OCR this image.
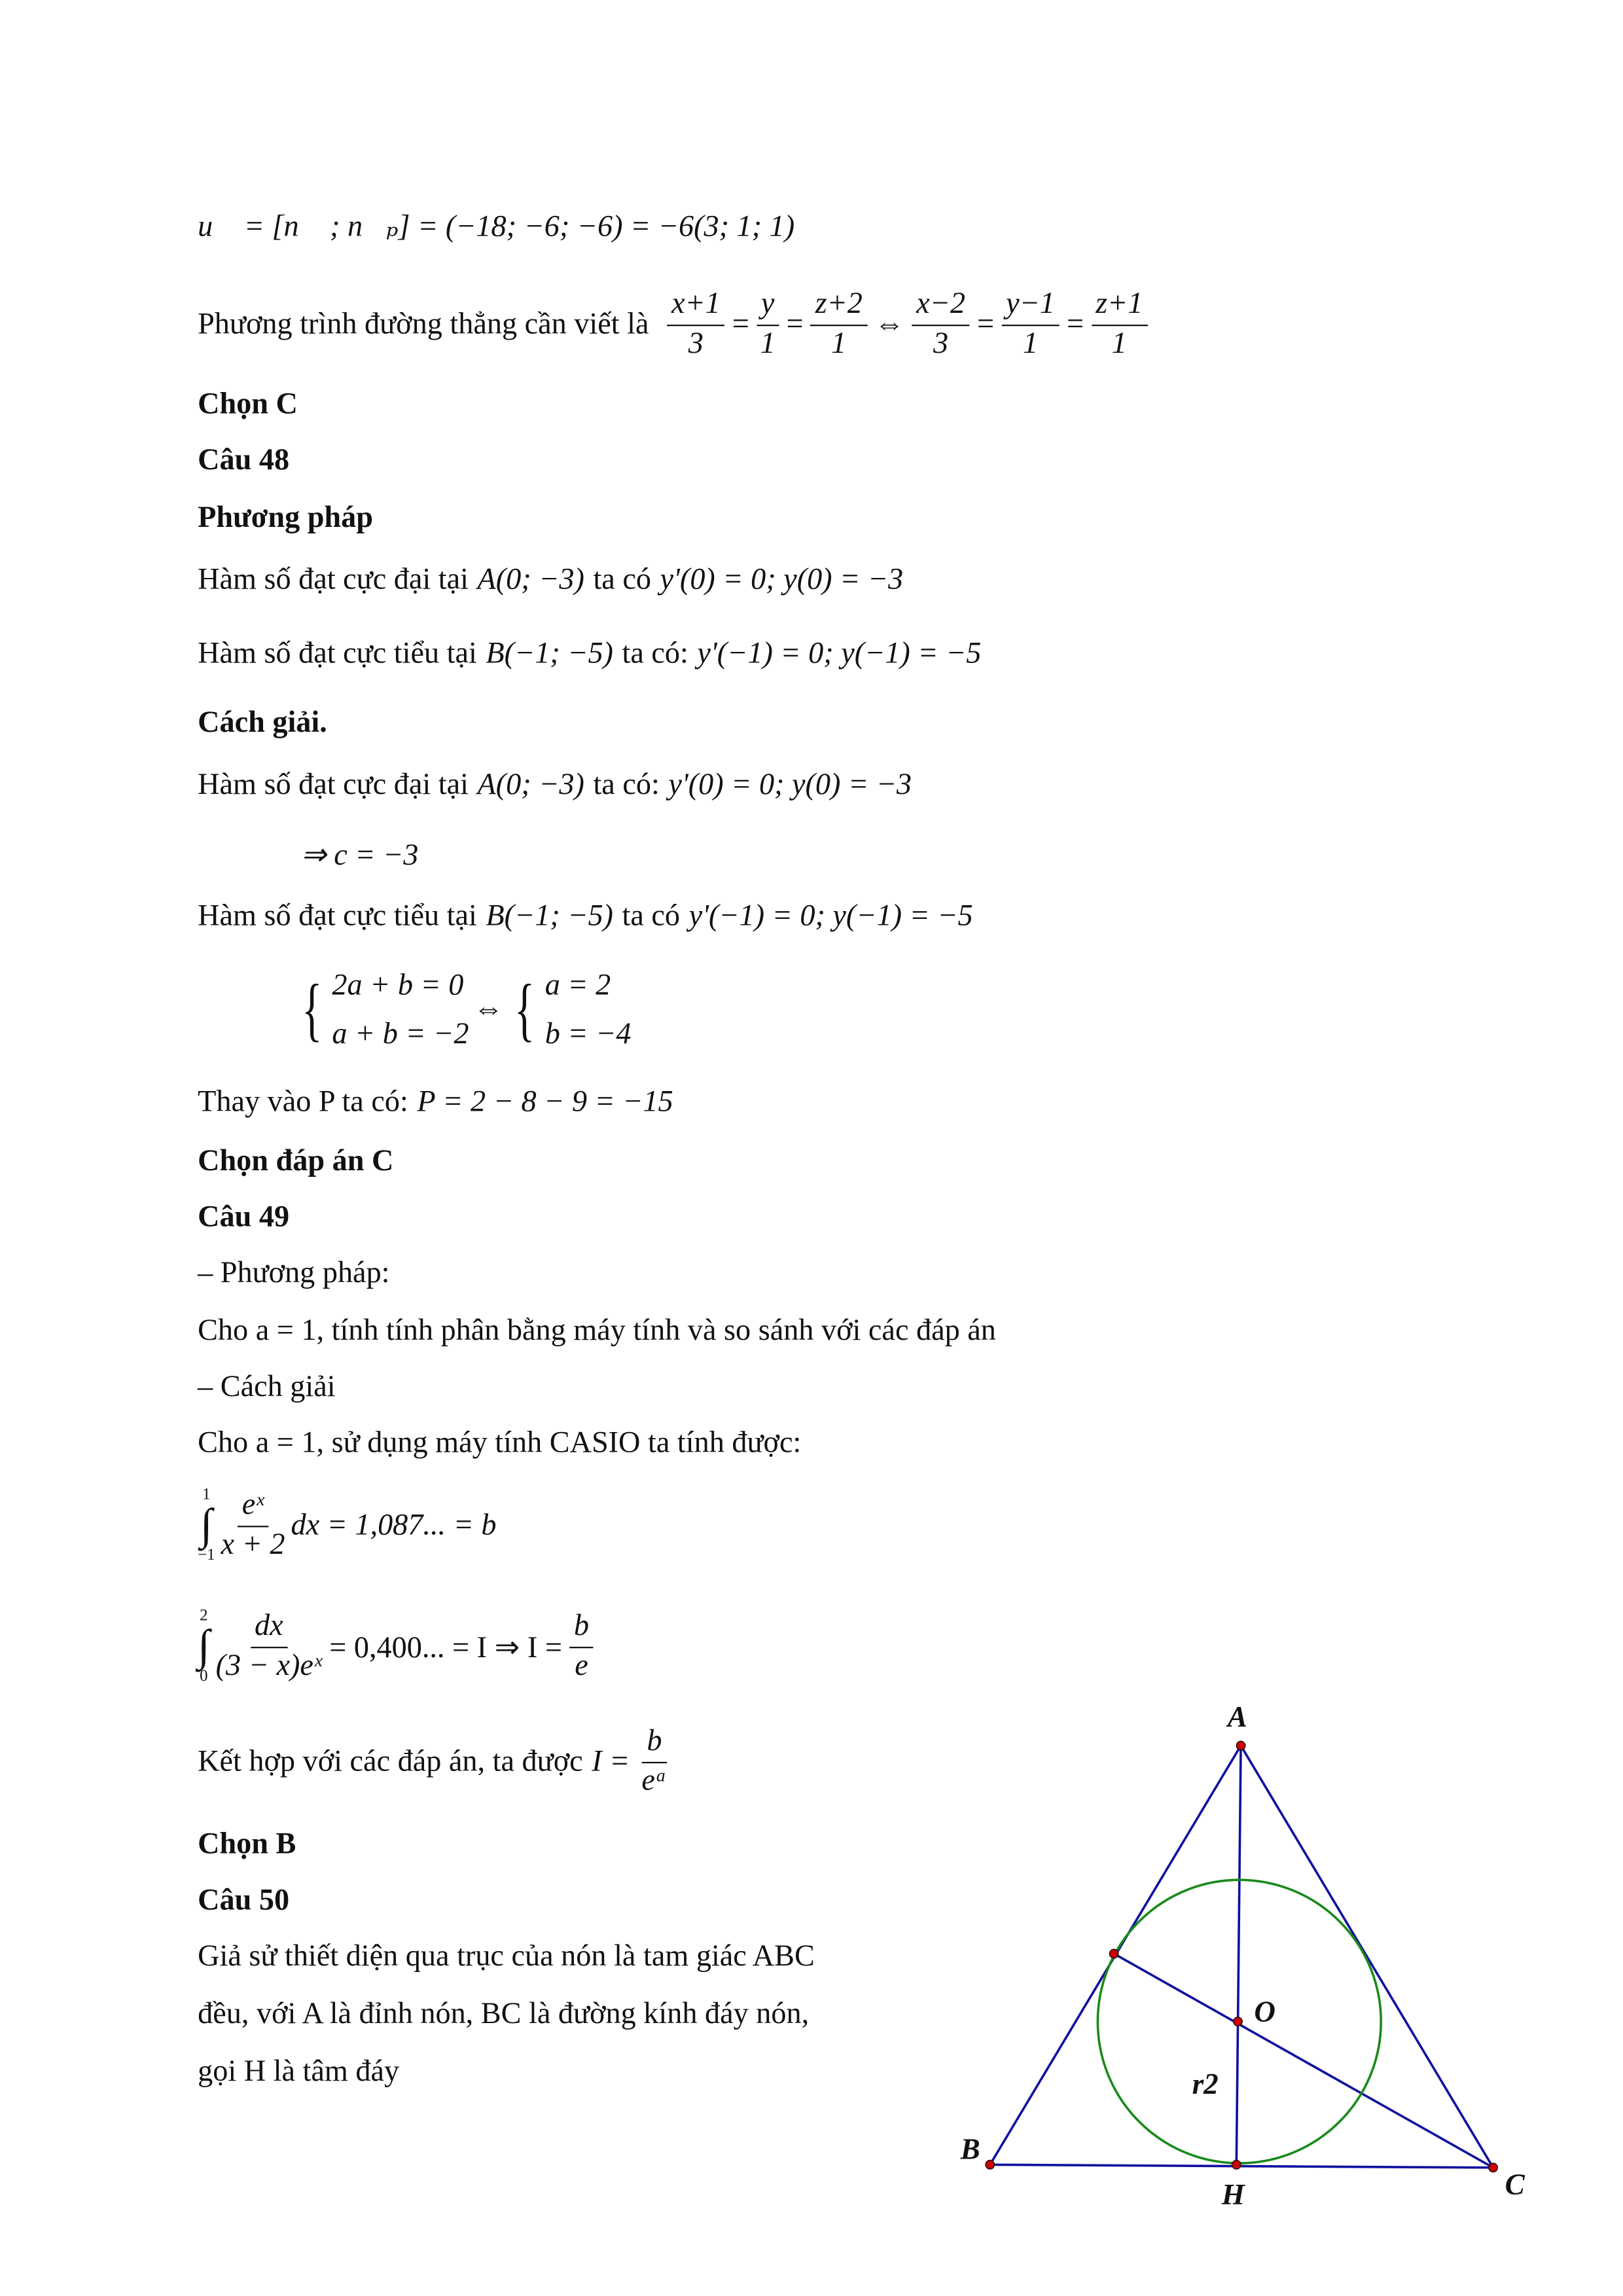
u⃗ = [n⃗ ; n⃗ₚ] = (−18; −6; −6) = −6(3; 1; 1)
Phương trình đường thẳng cần viết là
$\frac{x+1}{3} = \frac{y}{1} = \frac{z+2}{1}$ ⇔ $\frac{x-2}{3} = \frac{y-1}{1} = \frac{z+1}{1}$
Chọn C
Câu 48
Phương pháp
Hàm số đạt cực đại tại A(0; −3) ta có y'(0) = 0; y(0) = −3
Hàm số đạt cực tiểu tại B(−1; −5) ta có: y'(−1) = 0; y(−1) = −5
Cách giải.
Hàm số đạt cực đại tại A(0; −3) ta có: y'(0) = 0; y(0) = −3
⇒ c = −3
Hàm số đạt cực tiểu tại B(−1; −5) ta có y'(−1) = 0; y(−1) = −5
{ 2a + b = 0
a + b = −2
⇔ { a = 2
b = −4
Thay vào P ta có: P = 2 − 8 − 9 = −15
Chọn đáp án C
Câu 49
– Phương pháp:
Cho a = 1, tính tính phân bằng máy tính và so sánh với các đáp án
– Cách giải
Cho a = 1, sử dụng máy tính CASIO ta tính được:
1
∫
$-1 \frac{\text{eˣ}}{x + 2}$ dx = 1,087... = b
2
∫
$0 \frac{dx}{\text{(3 − x)eˣ}} = 0,400$... = I ⇒ $I = \frac{b}{e}$
Kết hợp với các đáp án, ta được $I = \frac{b}{\text{eᵃ}}$
Chọn B
Câu 50
Giả sử thiết diện qua trục của nón là tam giác ABC
đều, với A là đỉnh nón, BC là đường kính đáy nón,
gọi H là tâm đáy
A
B
C
H
O
r2
